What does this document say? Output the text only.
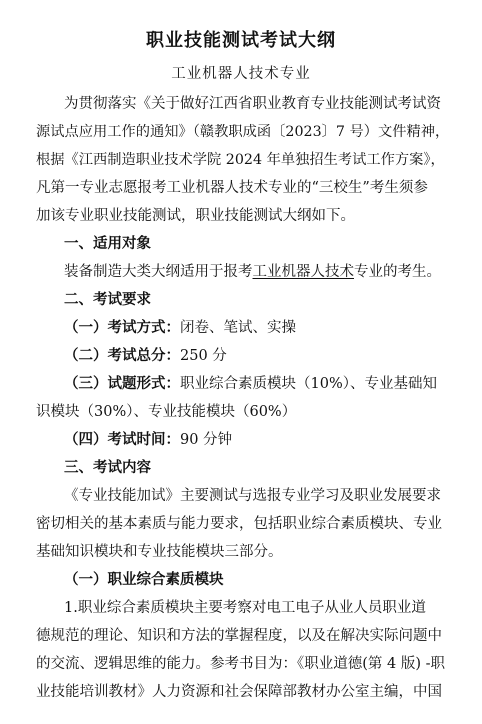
职业技能测试考试大纲
工业机器人技术专业
为贯彻落实《关于做好江西省职业教育专业技能测试考试资
源试点应用工作的通知》（赣教职成函〔2023〕7 号）文件精神，
根据《江西制造职业技术学院 2024 年单独招生考试工作方案》，
凡第一专业志愿报考工业机器人技术专业的“三校生”考生须参
加该专业职业技能测试，职业技能测试大纲如下。
一、适用对象
装备制造大类大纲适用于报考工业机器人技术专业的考生。
二、考试要求
（一）考试方式：闭卷、笔试、实操
（二）考试总分：250 分
（三）试题形式：职业综合素质模块（10%）、专业基础知
识模块（30%）、专业技能模块（60%）
（四）考试时间：90 分钟
三、考试内容
《专业技能加试》主要测试与选报专业学习及职业发展要求
密切相关的基本素质与能力要求，包括职业综合素质模块、专业
基础知识模块和专业技能模块三部分。
（一）职业综合素质模块
1.职业综合素质模块主要考察对电工电子从业人员职业道
德规范的理论、知识和方法的掌握程度，以及在解决实际问题中
的交流、逻辑思维的能力。参考书目为：《职业道德(第 4 版) -职
业技能培训教材》人力资源和社会保障部教材办公室主编，中国
